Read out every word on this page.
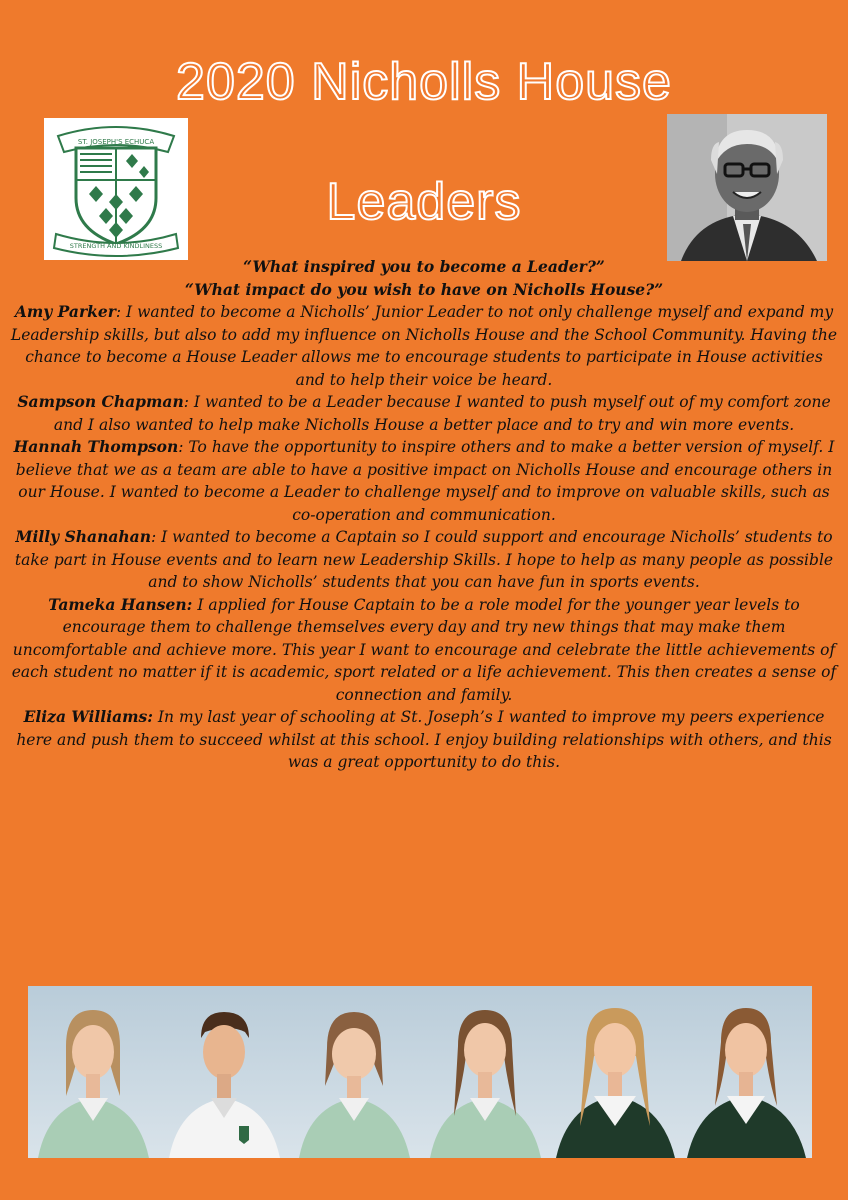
2020 Nicholls House
Leaders
ST. JOSEPH'S ECHUCA
STRENGTH AND KINDLINESS

“What inspired you to become a Leader?”

“What impact do you wish to have on Nicholls House?”

Amy Parker: I wanted to become a Nicholls’ Junior Leader to not only challenge myself and expand my Leadership skills, but also to add my influence on Nicholls House and the School Community. Having the chance to become a House Leader allows me to encourage students to participate in House activities and to help their voice be heard.

Sampson Chapman: I wanted to be a Leader because I wanted to push myself out of my comfort zone and I also wanted to help make Nicholls House a better place and to try and win more events.

Hannah Thompson: To have the opportunity to inspire others and to make a better version of myself. I believe that we as a team are able to have a positive impact on Nicholls House and encourage others in our House. I wanted to become a Leader to challenge myself and to improve on valuable skills, such as co-operation and communication.

Milly Shanahan: I wanted to become a Captain so I could support and encourage Nicholls’ students to take part in House events and to learn new Leadership Skills. I hope to help as many people as possible and to show Nicholls’ students that you can have fun in sports events.

Tameka Hansen: I applied for House Captain to be a role model for the younger year levels to encourage them to challenge themselves every day and try new things that may make them uncomfortable and achieve more. This year I want to encourage and celebrate the little achievements of each student no matter if it is academic, sport related or a life achievement. This then creates a sense of connection and family.

Eliza Williams: In my last year of schooling at St. Joseph’s I wanted to improve my peers experience here and push them to succeed whilst at this school. I enjoy building relationships with others, and this was a great opportunity to do this.
